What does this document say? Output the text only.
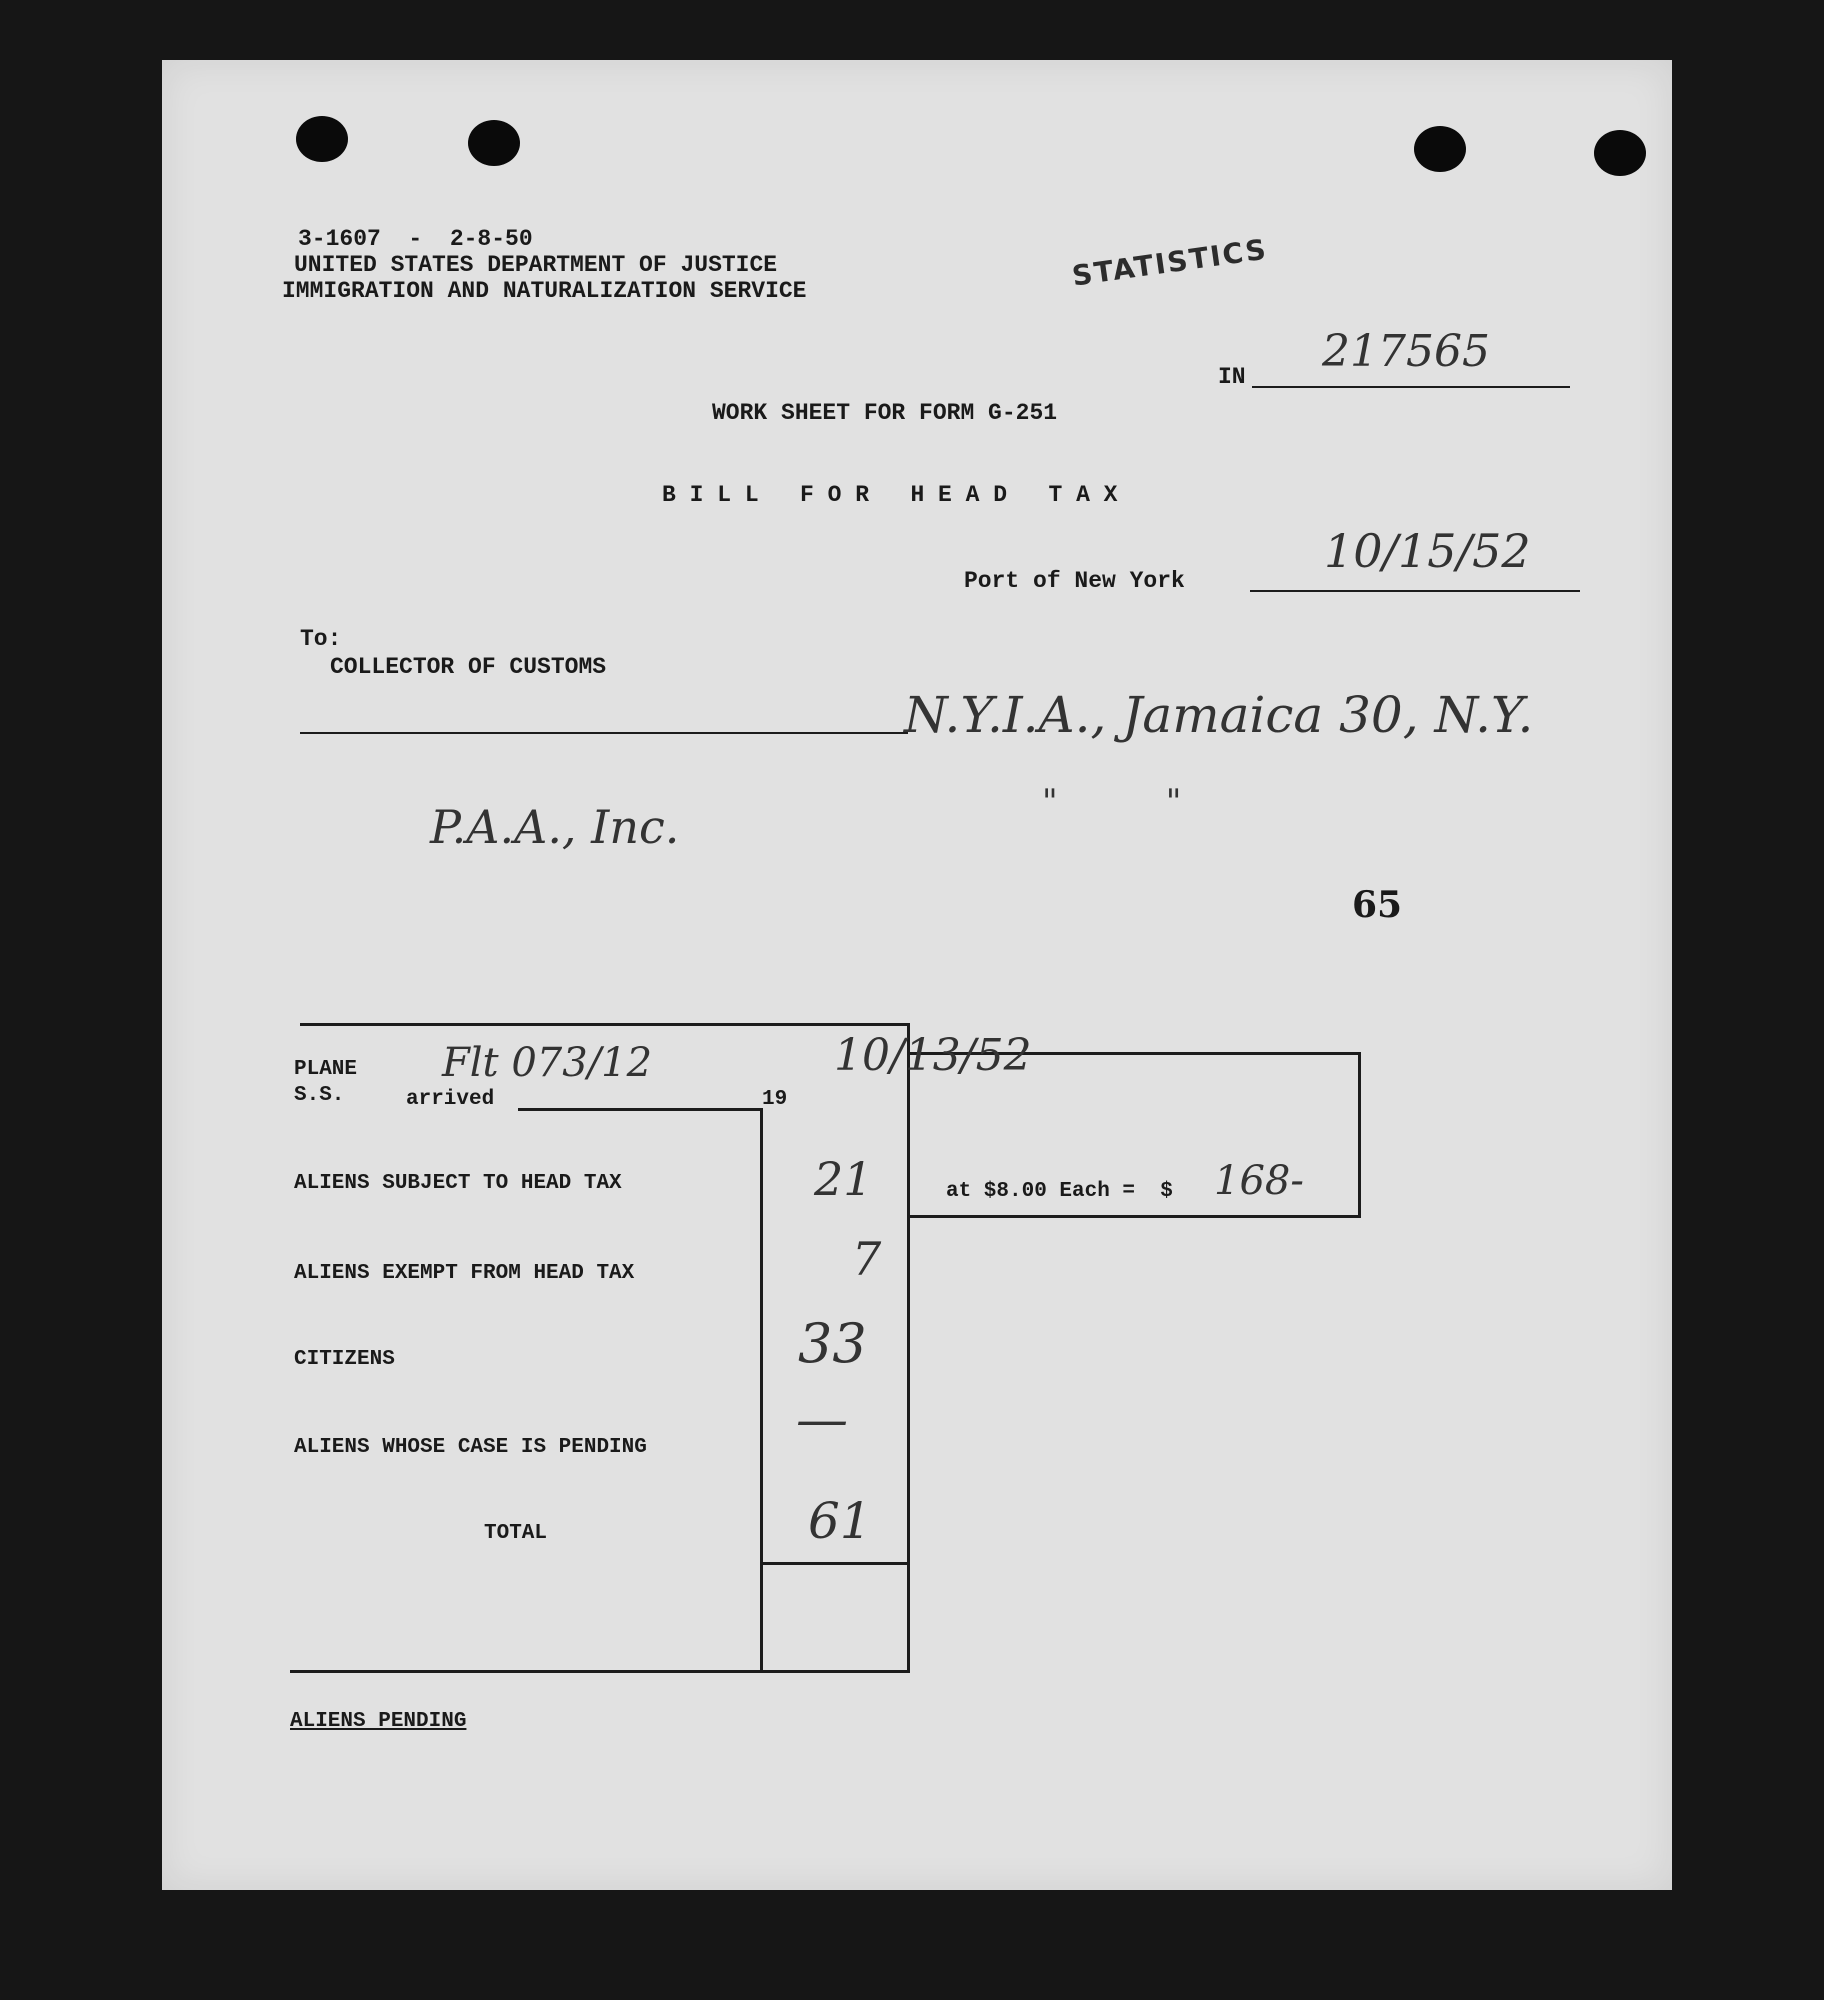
3-1607  -  2-8-50
UNITED STATES DEPARTMENT OF JUSTICE
IMMIGRATION AND NATURALIZATION SERVICE	STATISTICS
IN 217565
WORK SHEET FOR FORM G-251
B I L L   F O R   H E A D   T A X
Port of New York
10/15/52
To:
COLLECTOR OF CUSTOMS
N.Y.I.A., Jamaica 30, N.Y.
P.A.A., Inc.	"          "
65
PLANE
S.S.	arrived	19
Flt 073/12	10/13/52
ALIENS SUBJECT TO HEAD TAX	21	at $8.00 Each =  $ 168-
ALIENS EXEMPT FROM HEAD TAX	7
CITIZENS	33
ALIENS WHOSE CASE IS PENDING	—
TOTAL	61
ALIENS PENDING
